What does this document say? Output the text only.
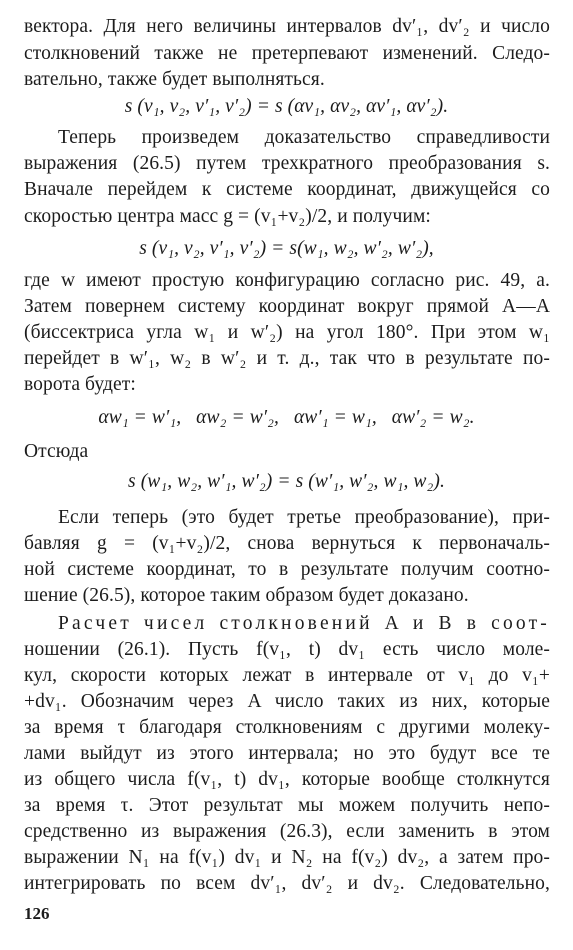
вектора. Для него величины интервалов dv′₁, dv′₂ и число
столкновений также не претерпевают изменений. Следо-
вательно, также будет выполняться.
s (v₁, v₂, v′₁, v′₂) = s (αv₁, αv₂, αv′₁, αv′₂).
Теперь произведем доказательство справедливости
выражения (26.5) путем трехкратного преобразования s.
Вначале перейдем к системе координат, движущейся со
скоростью центра масс g = (v₁+v₂)/2, и получим:
s (v₁, v₂, v′₁, v′₂) = s(w₁, w₂, w′₂, w′₂),
где w имеют простую конфигурацию согласно рис. 49, a.
Затем повернем систему координат вокруг прямой A—A
(биссектриса угла w₁ и w′₂) на угол 180°. При этом w₁
перейдет в w′₁, w₂ в w′₂ и т. д., так что в результате по-
ворота будет:
αw₁ = w′₁,   αw₂ = w′₂,   αw′₁ = w₁,   αw′₂ = w₂.
Отсюда
s (w₁, w₂, w′₁, w′₂) = s (w′₁, w′₂, w₁, w₂).
Если теперь (это будет третье преобразование), при-
бавляя g = (v₁+v₂)/2, снова вернуться к первоначаль-
ной системе координат, то в результате получим соотно-
шение (26.5), которое таким образом будет доказано.
Расчет чисел столкновений A и B в соот-
ношении (26.1). Пусть f(v₁, t) dv₁ есть число моле-
кул, скорости которых лежат в интервале от v₁ до v₁+
+dv₁. Обозначим через A число таких из них, которые
за время τ благодаря столкновениям с другими молеку-
лами выйдут из этого интервала; но это будут все те
из общего числа f(v₁, t) dv₁, которые вообще столкнутся
за время τ. Этот результат мы можем получить непо-
средственно из выражения (26.3), если заменить в этом
выражении N₁ на f(v₁) dv₁ и N₂ на f(v₂) dv₂, а затем про-
интегрировать по всем dv′₁, dv′₂ и dv₂. Следовательно,
126
